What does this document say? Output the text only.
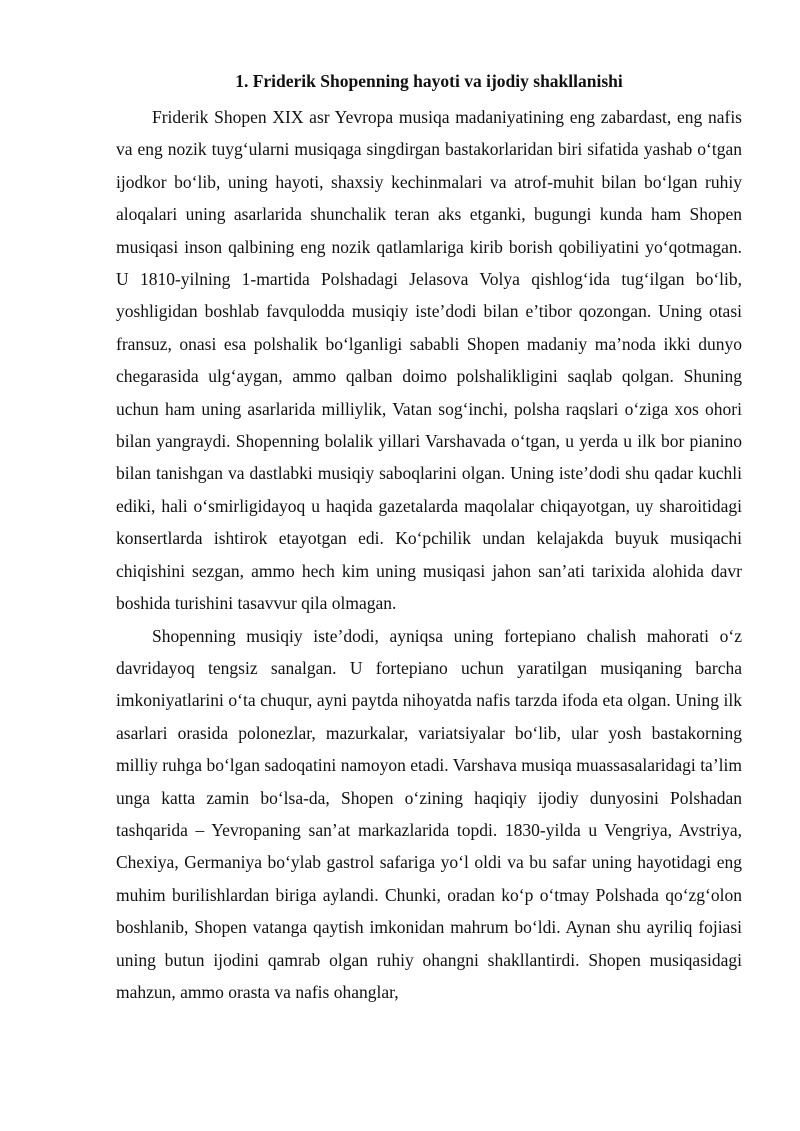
1. Friderik Shopenning hayoti va ijodiy shakllanishi

Friderik Shopen XIX asr Yevropa musiqa madaniyatining eng zabardast, eng nafis va eng nozik tuyg‘ularni musiqaga singdirgan bastakorlaridan biri sifatida yashab o‘tgan ijodkor bo‘lib, uning hayoti, shaxsiy kechinmalari va atrof-muhit bilan bo‘lgan ruhiy aloqalari uning asarlarida shunchalik teran aks etganki, bugungi kunda ham Shopen musiqasi inson qalbining eng nozik qatlamlariga kirib borish qobiliyatini yo‘qotmagan. U 1810-yilning 1-martida Polshadagi Jelasova Volya qishlog‘ida tug‘ilgan bo‘lib, yoshligidan boshlab favqulodda musiqiy iste’dodi bilan e’tibor qozongan. Uning otasi fransuz, onasi esa polshalik bo‘lganligi sababli Shopen madaniy ma’noda ikki dunyo chegarasida ulg‘aygan, ammo qalban doimo polshalikligini saqlab qolgan. Shuning uchun ham uning asarlarida milliylik, Vatan sog‘inchi, polsha raqslari o‘ziga xos ohori bilan yangraydi. Shopenning bolalik yillari Varshavada o‘tgan, u yerda u ilk bor pianino bilan tanishgan va dastlabki musiqiy saboqlarini olgan. Uning iste’dodi shu qadar kuchli ediki, hali o‘smirligidayoq u haqida gazetalarda maqolalar chiqayotgan, uy sharoitidagi konsertlarda ishtirok etayotgan edi. Ko‘pchilik undan kelajakda buyuk musiqachi chiqishini sezgan, ammo hech kim uning musiqasi jahon san’ati tarixida alohida davr boshida turishini tasavvur qila olmagan.

Shopenning musiqiy iste’dodi, ayniqsa uning fortepiano chalish mahorati o‘z davridayoq tengsiz sanalgan. U fortepiano uchun yaratilgan musiqaning barcha imkoniyatlarini o‘ta chuqur, ayni paytda nihoyatda nafis tarzda ifoda eta olgan. Uning ilk asarlari orasida polonezlar, mazurkalar, variatsiyalar bo‘lib, ular yosh bastakorning milliy ruhga bo‘lgan sadoqatini namoyon etadi. Varshava musiqa muassasalaridagi ta’lim unga katta zamin bo‘lsa-da, Shopen o‘zining haqiqiy ijodiy dunyosini Polshadan tashqarida – Yevropaning san’at markazlarida topdi. 1830-yilda u Vengriya, Avstriya, Chexiya, Germaniya bo‘ylab gastrol safariga yo‘l oldi va bu safar uning hayotidagi eng muhim burilishlardan biriga aylandi. Chunki, oradan ko‘p o‘tmay Polshada qo‘zg‘olon boshlanib, Shopen vatanga qaytish imkonidan mahrum bo‘ldi. Aynan shu ayriliq fojiasi uning butun ijodini qamrab olgan ruhiy ohangni shakllantirdi. Shopen musiqasidagi mahzun, ammo orasta va nafis ohanglar,
